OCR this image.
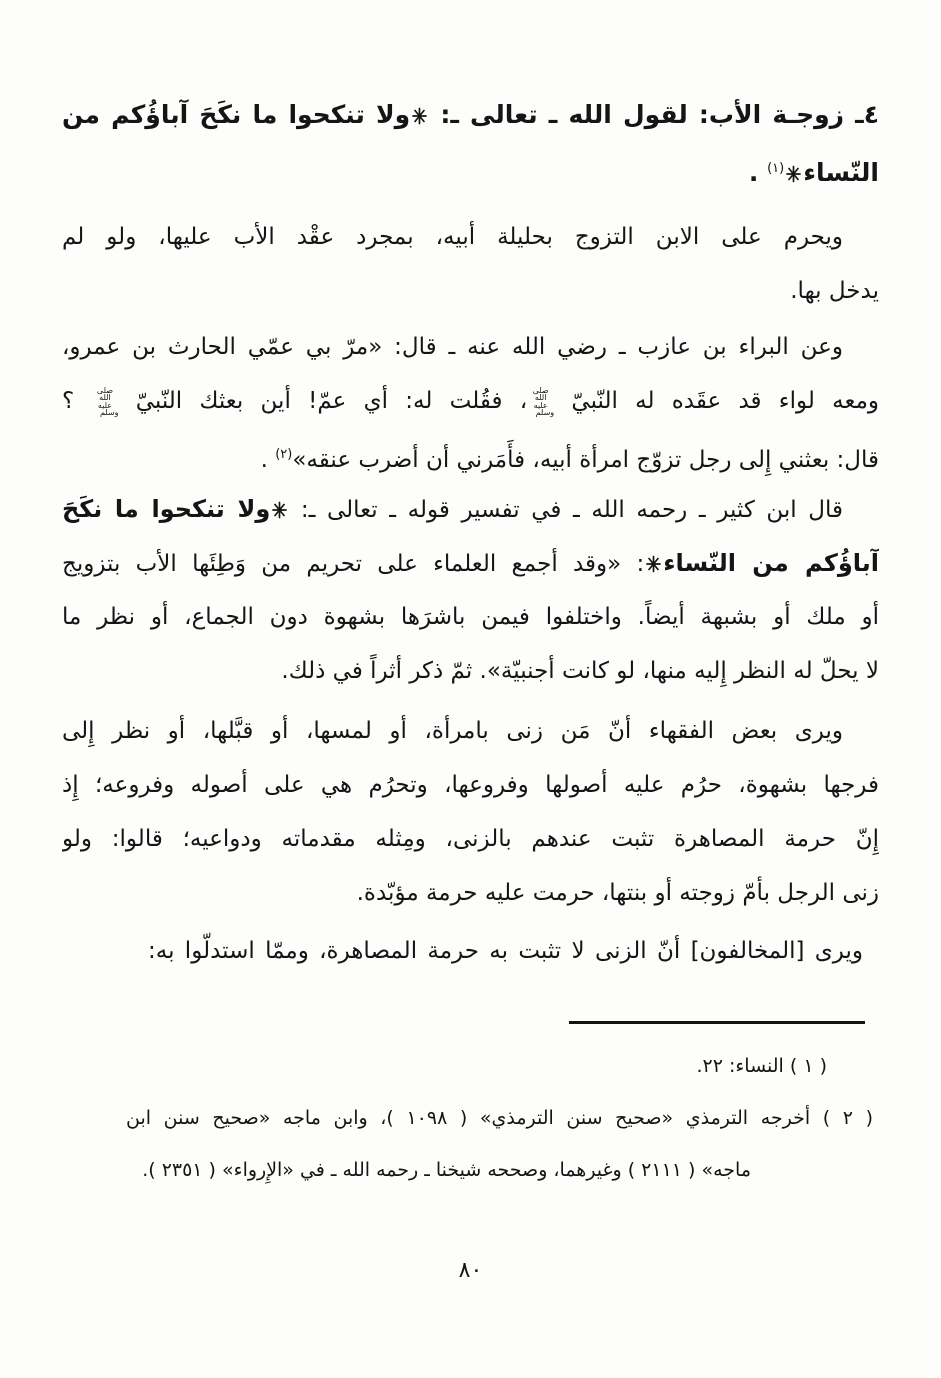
٤ـ زوجـة الأب: لقول الله ـ تعالى ـ: ولا تنكحوا ما نكَحَ آباؤُكم من
النّساء$^{(١)}$ .
ويحرم على الابن التزوج بحليلة أبيه، بمجرد عقْد الأب عليها، ولو لم
يدخل بها.
وعن البراء بن عازب ـ رضي الله عنه ـ قال: «مرّ بي عمّي الحارث بن عمرو،
ومعه لواء قد عقَده له النّبيّ صلى الله عليه وسلم، فقُلت له: أي عمّ! أين بعثك النّبيّ صلى الله عليه وسلم ؟
قال: بعثني إِلى رجل تزوّج امرأة أبيه، فأَمَرني أن أضرب عنقه»$^{(٢)}$ .
قال ابن كثير ـ رحمه الله ـ في تفسير قوله ـ تعالى ـ: ولا تنكحوا ما نكَحَ
آباؤُكم من النّساء: «وقد أجمع العلماء على تحريم من وَطِئَها الأب بتزويج
أو ملك أو بشبهة أيضاً. واختلفوا فيمن باشرَها بشهوة دون الجماع، أو نظر ما
لا يحلّ له النظر إِليه منها، لو كانت أجنبيّة». ثمّ ذكر أثراً في ذلك.
ويرى بعض الفقهاء أنّ مَن زنى بامرأة، أو لمسها، أو قبَّلها، أو نظر إِلى
فرجها بشهوة، حرُم عليه أصولها وفروعها، وتحرُم هي على أصوله وفروعه؛ إِذ
إِنّ حرمة المصاهرة تثبت عندهم بالزنى، ومِثله مقدماته ودواعيه؛ قالوا: ولو
زنى الرجل بأمّ زوجته أو بنتها، حرمت عليه حرمة مؤبّدة.
ويرى [المخالفون] أنّ الزنى لا تثبت به حرمة المصاهرة، وممّا استدلّوا به:
( ١ ) النساء: ٢٢.
( ٢ ) أخرجه الترمذي «صحيح سنن الترمذي» ( ١٠٩٨ )، وابن ماجه «صحيح سنن ابن
ماجه» ( ٢١١١ ) وغيرهما، وصححه شيخنا ـ رحمه الله ـ في «الإِرواء» ( ٢٣٥١ ).
٨٠
